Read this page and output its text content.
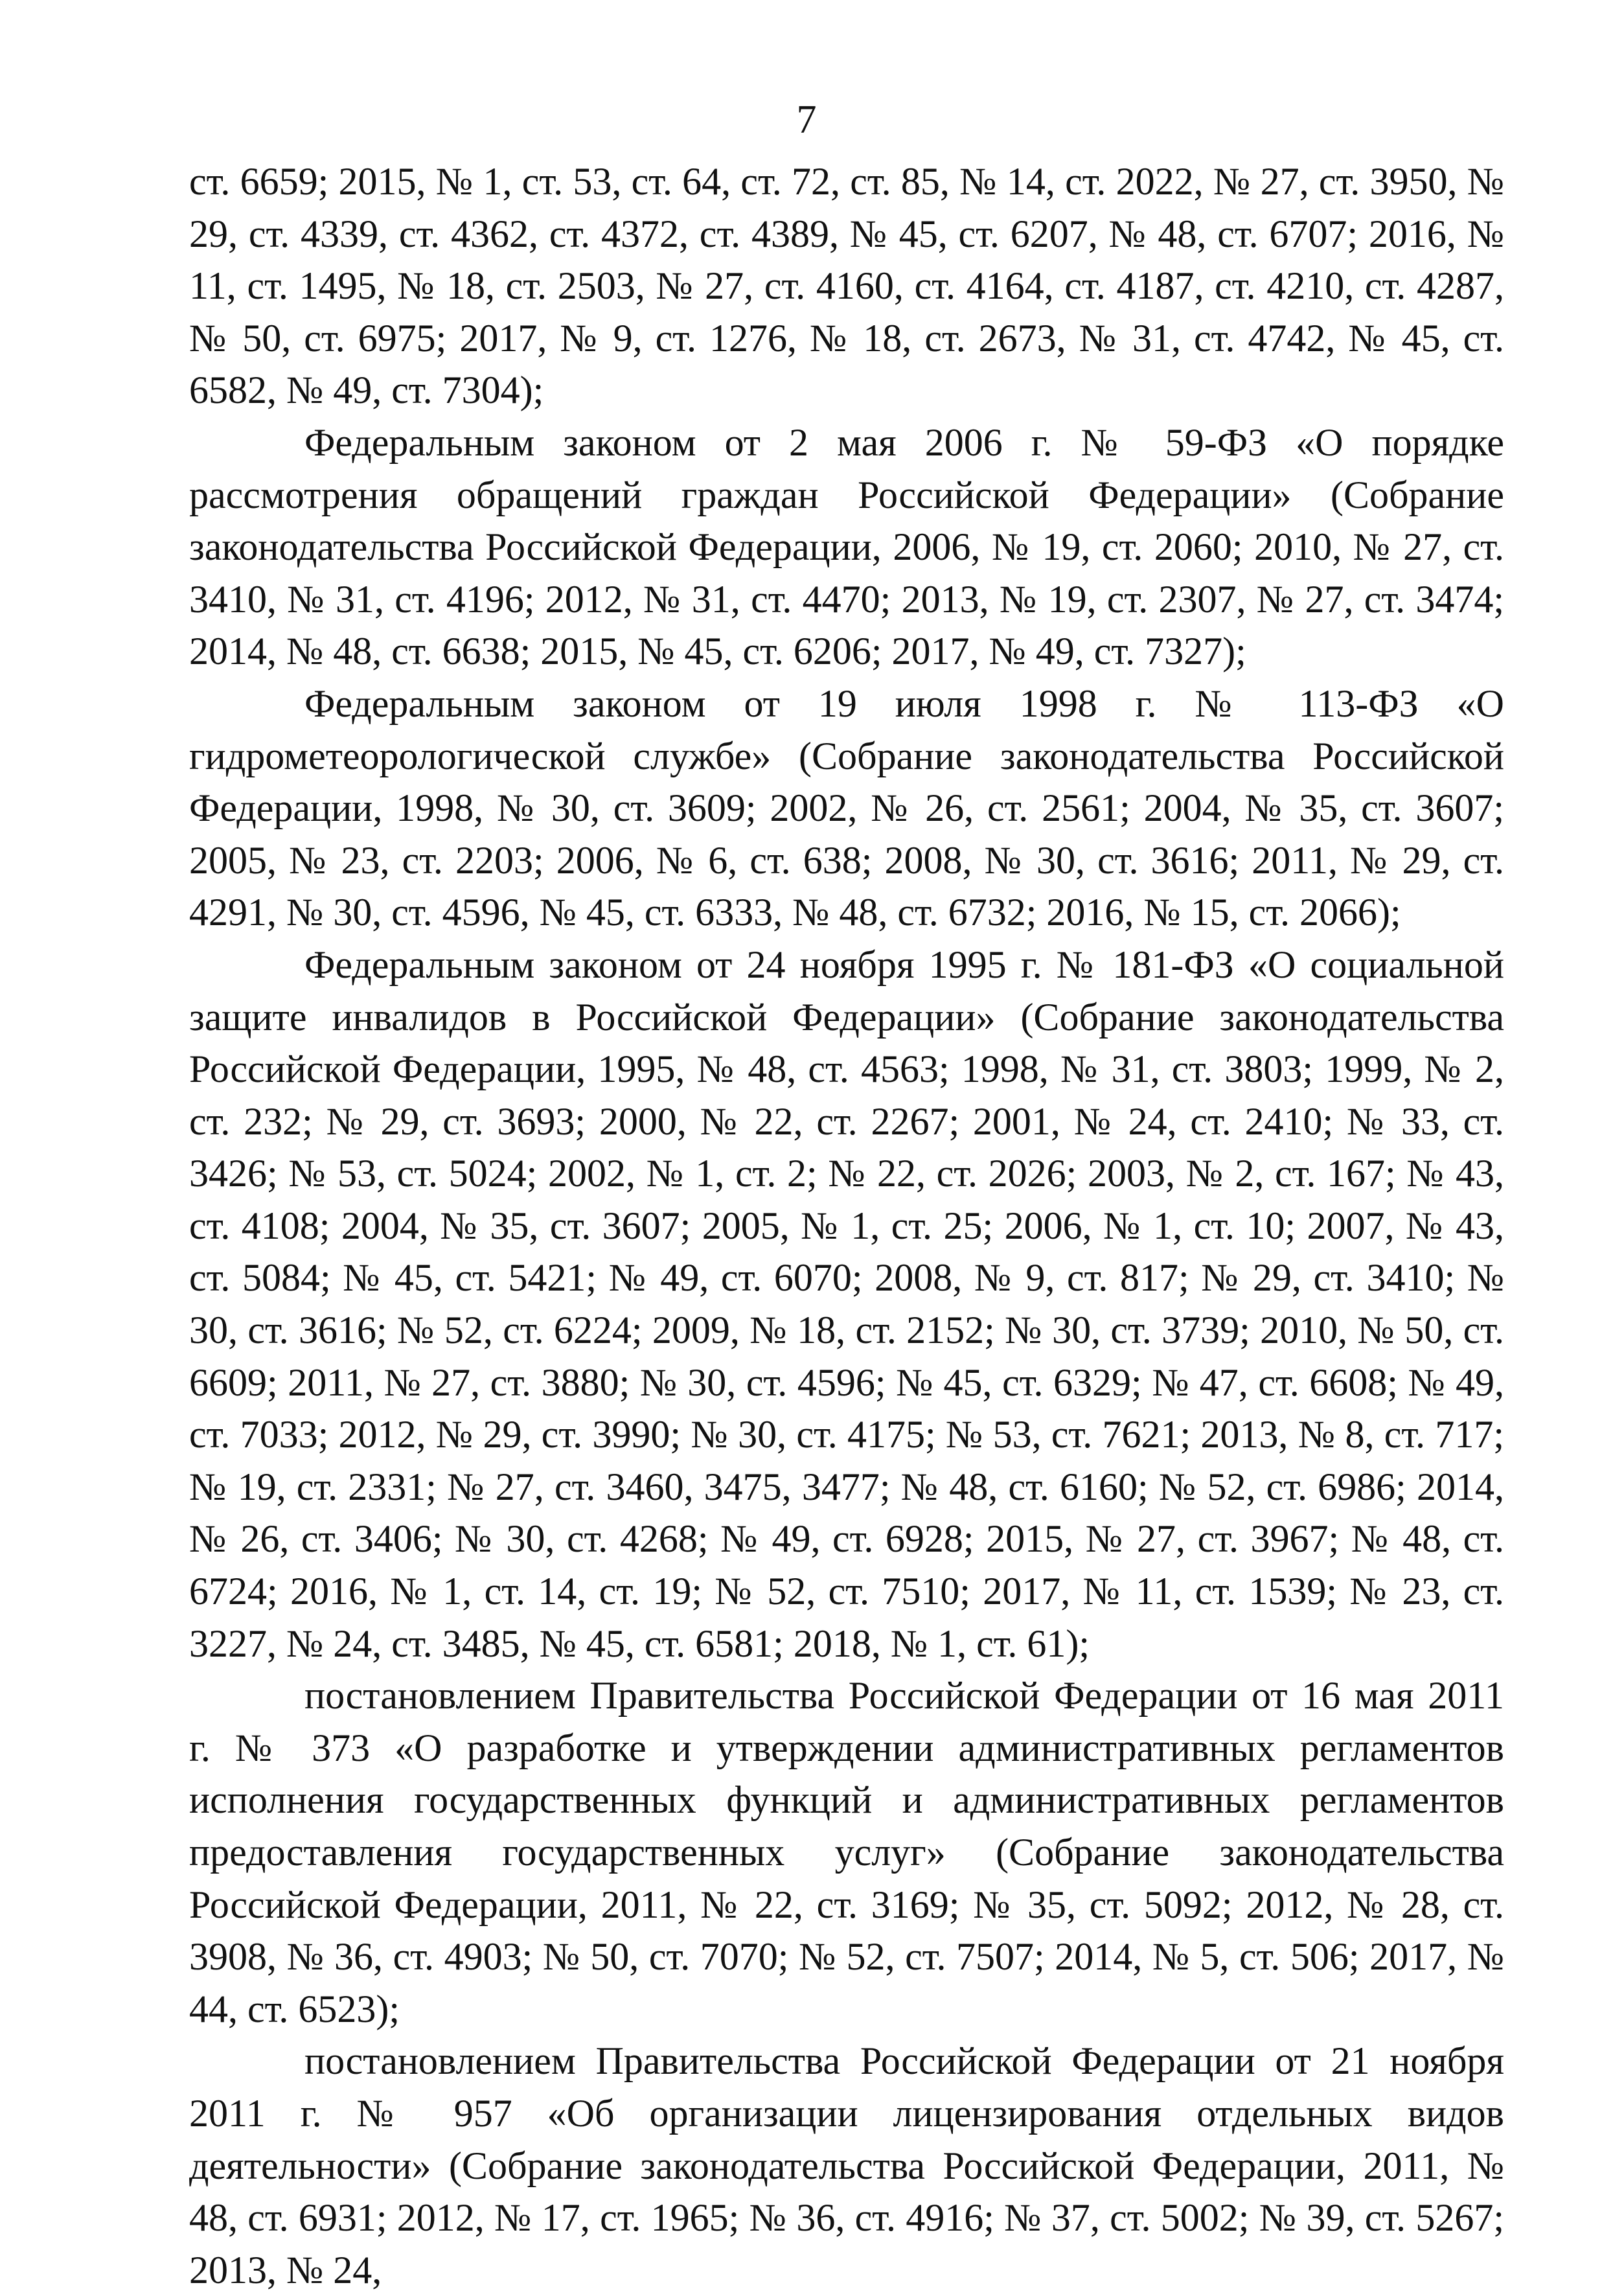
7

ст. 6659; 2015, № 1, ст. 53, ст. 64, ст. 72, ст. 85, № 14, ст. 2022, № 27, ст. 3950, № 29, ст. 4339, ст. 4362, ст. 4372, ст. 4389, № 45, ст. 6207, № 48, ст. 6707; 2016, № 11, ст. 1495, № 18, ст. 2503, № 27, ст. 4160, ст. 4164, ст. 4187, ст. 4210, ст. 4287, № 50, ст. 6975; 2017, № 9, ст. 1276, № 18, ст. 2673, № 31, ст. 4742, № 45, ст. 6582, № 49, ст. 7304);

Федеральным законом от 2 мая 2006 г. № 59-ФЗ «О порядке рассмотрения обращений граждан Российской Федерации» (Собрание законодательства Российской Федерации, 2006, № 19, ст. 2060; 2010, № 27, ст. 3410, № 31, ст. 4196; 2012, № 31, ст. 4470; 2013, № 19, ст. 2307, № 27, ст. 3474; 2014, № 48, ст. 6638; 2015, № 45, ст. 6206; 2017, № 49, ст. 7327);

Федеральным законом от 19 июля 1998 г. № 113-ФЗ «О гидрометеорологической службе» (Собрание законодательства Российской Федерации, 1998, № 30, ст. 3609; 2002, № 26, ст. 2561; 2004, № 35, ст. 3607; 2005, № 23, ст. 2203; 2006, № 6, ст. 638; 2008, № 30, ст. 3616; 2011, № 29, ст. 4291, № 30, ст. 4596, № 45, ст. 6333, № 48, ст. 6732; 2016, № 15, ст. 2066);

Федеральным законом от 24 ноября 1995 г. № 181-ФЗ «О социальной защите инвалидов в Российской Федерации» (Собрание законодательства Российской Федерации, 1995, № 48, ст. 4563; 1998, № 31, ст. 3803; 1999, № 2, ст. 232; № 29, ст. 3693; 2000, № 22, ст. 2267; 2001, № 24, ст. 2410; № 33, ст. 3426; № 53, ст. 5024; 2002, № 1, ст. 2; № 22, ст. 2026; 2003, № 2, ст. 167; № 43, ст. 4108; 2004, № 35, ст. 3607; 2005, № 1, ст. 25; 2006, № 1, ст. 10; 2007, № 43, ст. 5084; № 45, ст. 5421; № 49, ст. 6070; 2008, № 9, ст. 817; № 29, ст. 3410; № 30, ст. 3616; № 52, ст. 6224; 2009, № 18, ст. 2152; № 30, ст. 3739; 2010, № 50, ст. 6609; 2011, № 27, ст. 3880; № 30, ст. 4596; № 45, ст. 6329; № 47, ст. 6608; № 49, ст. 7033; 2012, № 29, ст. 3990; № 30, ст. 4175; № 53, ст. 7621; 2013, № 8, ст. 717; № 19, ст. 2331; № 27, ст. 3460, 3475, 3477; № 48, ст. 6160; № 52, ст. 6986; 2014, № 26, ст. 3406; № 30, ст. 4268; № 49, ст. 6928; 2015, № 27, ст. 3967; № 48, ст. 6724; 2016, № 1, ст. 14, ст. 19; № 52, ст. 7510; 2017, № 11, ст. 1539; № 23, ст. 3227, № 24, ст. 3485, № 45, ст. 6581; 2018, № 1, ст. 61);

постановлением Правительства Российской Федерации от 16 мая 2011 г. № 373 «О разработке и утверждении административных регламентов исполнения государственных функций и административных регламентов предоставления государственных услуг» (Собрание законодательства Российской Федерации, 2011, № 22, ст. 3169; № 35, ст. 5092; 2012, № 28, ст. 3908, № 36, ст. 4903; № 50, ст. 7070; № 52, ст. 7507; 2014, № 5, ст. 506; 2017, № 44, ст. 6523);

постановлением Правительства Российской Федерации от 21 ноября 2011 г. № 957 «Об организации лицензирования отдельных видов деятельности» (Собрание законодательства Российской Федерации, 2011, № 48, ст. 6931; 2012, № 17, ст. 1965; № 36, ст. 4916; № 37, ст. 5002; № 39, ст. 5267; 2013, № 24,
